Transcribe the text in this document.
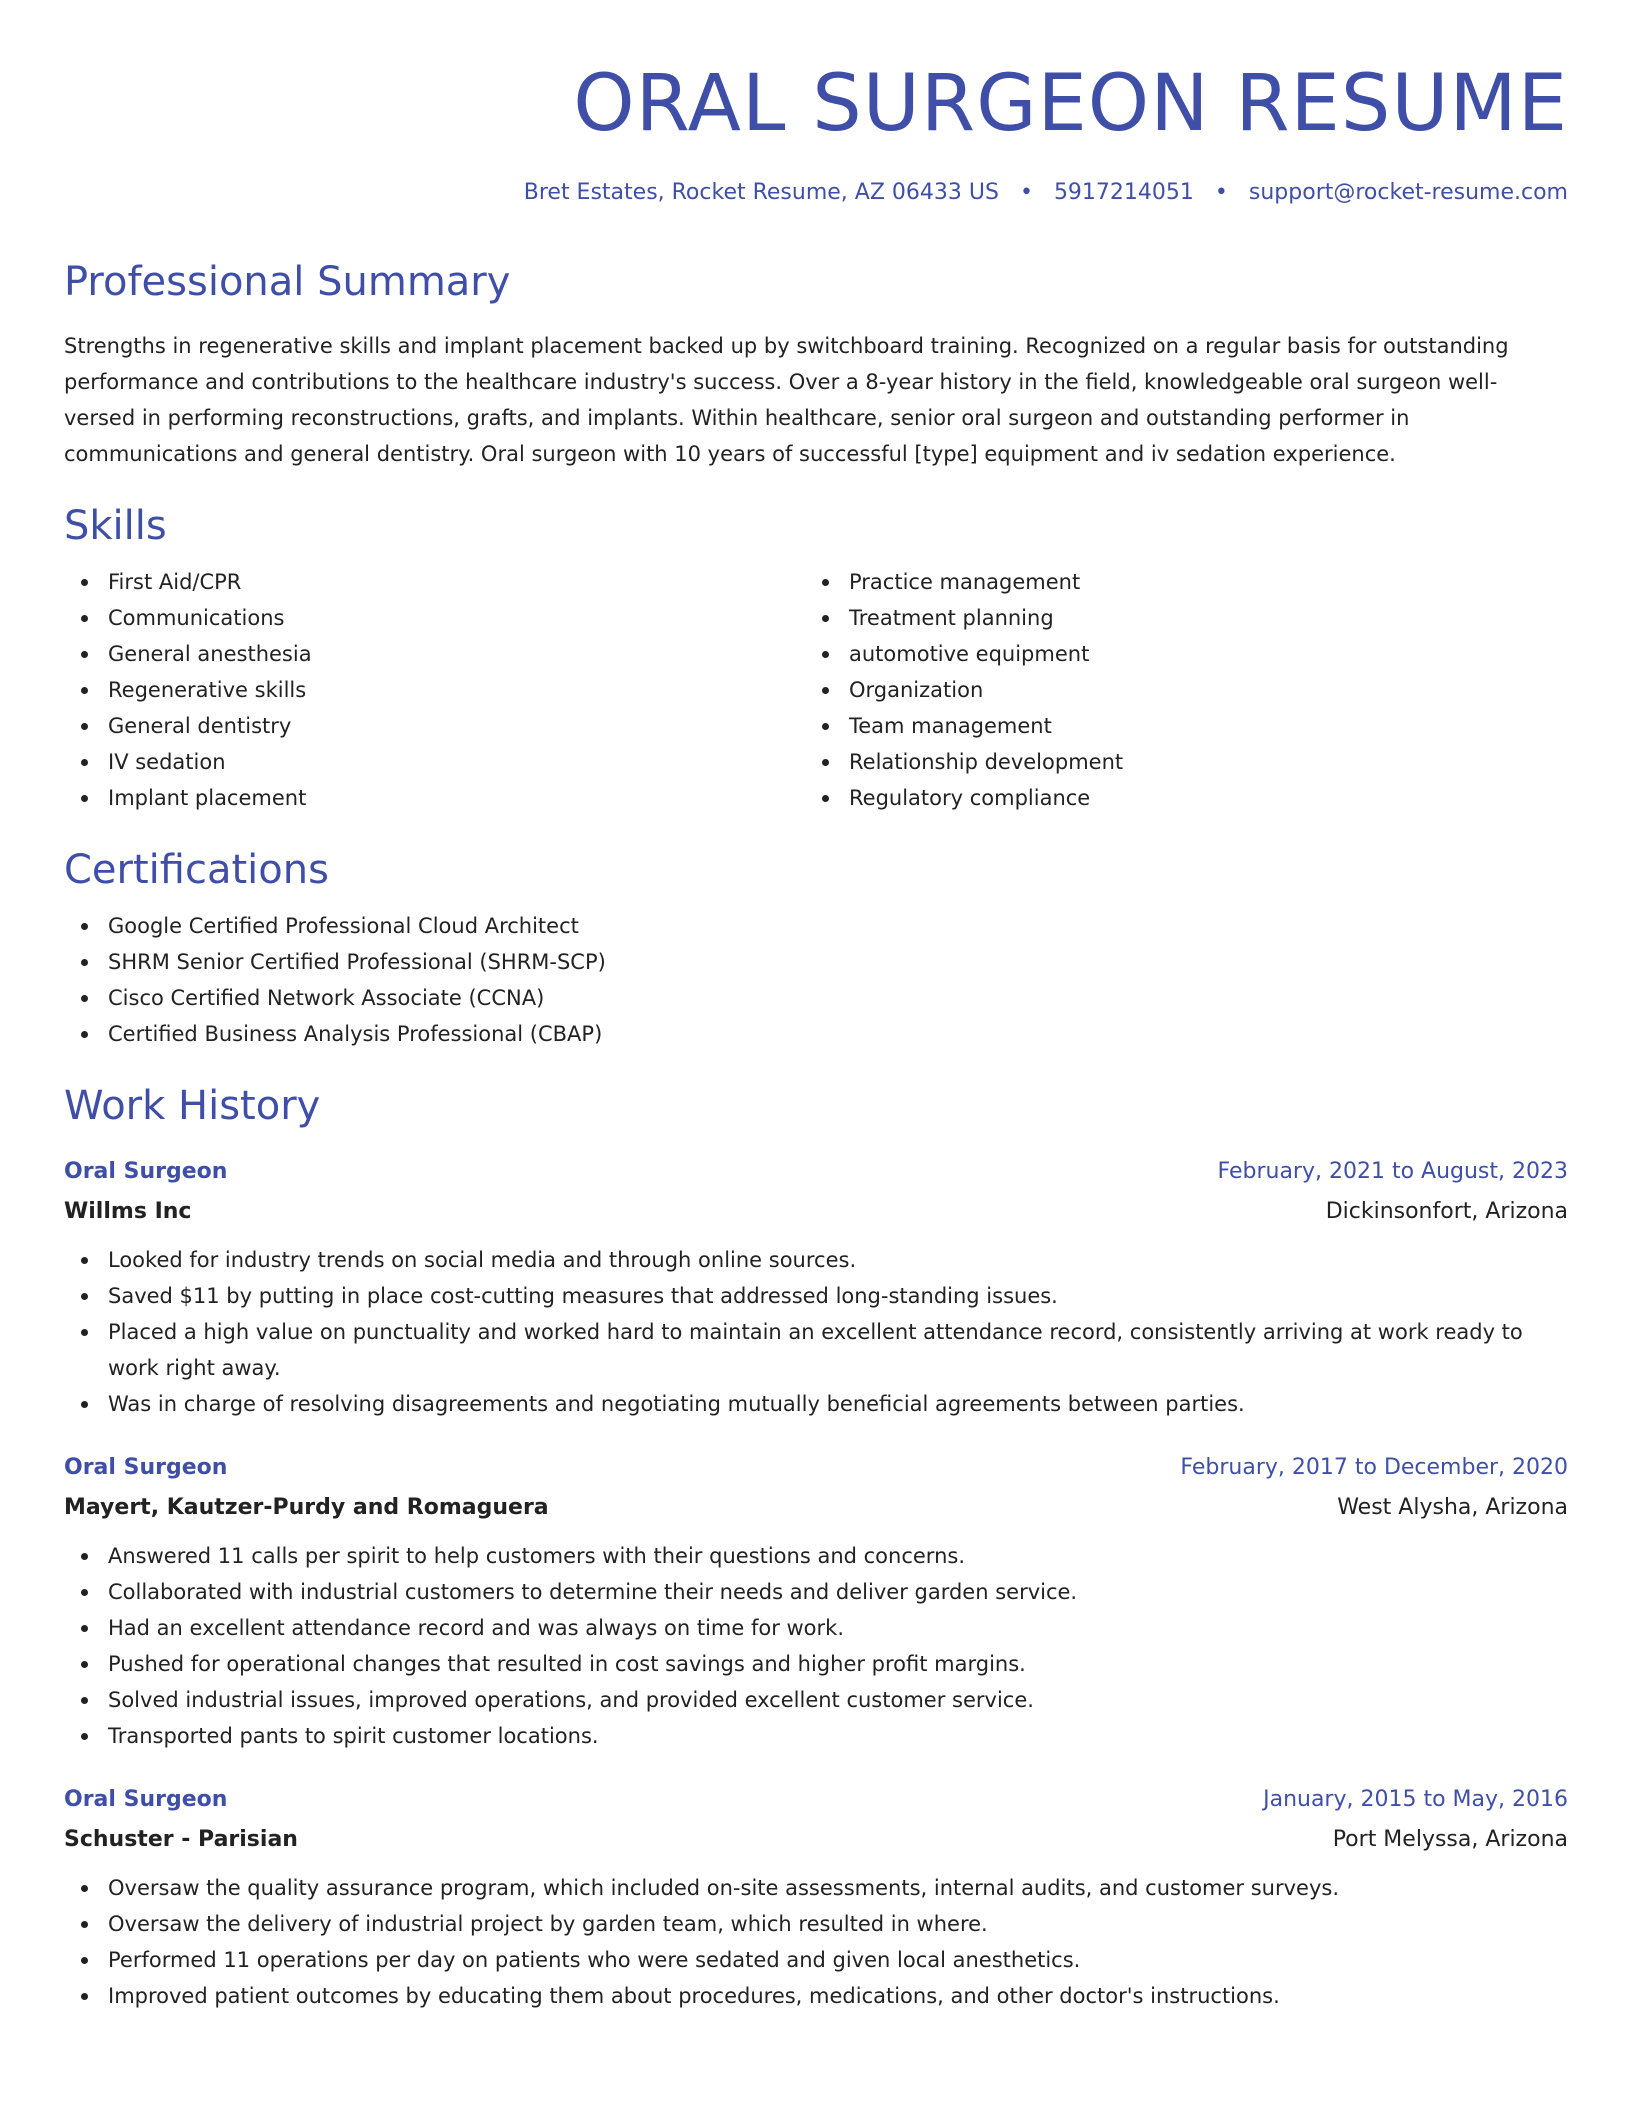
ORAL SURGEON RESUME
Bret Estates, Rocket Resume, AZ 06433 US • 5917214051 • support@rocket-resume.com
Professional Summary

Strengths in regenerative skills and implant placement backed up by switchboard training. Recognized on a regular basis for outstanding performance and contributions to the healthcare industry's success. Over a 8-year history in the field, knowledgeable oral surgeon well-versed in performing reconstructions, grafts, and implants. Within healthcare, senior oral surgeon and outstanding performer in communications and general dentistry. Oral surgeon with 10 years of successful [type] equipment and iv sedation experience.

Skills
First Aid/CPR
Communications
General anesthesia
Regenerative skills
General dentistry
IV sedation
Implant placement
Practice management
Treatment planning
automotive equipment
Organization
Team management
Relationship development
Regulatory compliance
Certifications
Google Certified Professional Cloud Architect
SHRM Senior Certified Professional (SHRM-SCP)
Cisco Certified Network Associate (CCNA)
Certified Business Analysis Professional (CBAP)
Work History
Oral Surgeon	February, 2021 to August, 2023
Willms Inc	Dickinsonfort, Arizona
Looked for industry trends on social media and through online sources.
Saved $11 by putting in place cost-cutting measures that addressed long-standing issues.
Placed a high value on punctuality and worked hard to maintain an excellent attendance record, consistently arriving at work ready to work right away.
Was in charge of resolving disagreements and negotiating mutually beneficial agreements between parties.
Oral Surgeon	February, 2017 to December, 2020
Mayert, Kautzer-Purdy and Romaguera	West Alysha, Arizona
Answered 11 calls per spirit to help customers with their questions and concerns.
Collaborated with industrial customers to determine their needs and deliver garden service.
Had an excellent attendance record and was always on time for work.
Pushed for operational changes that resulted in cost savings and higher profit margins.
Solved industrial issues, improved operations, and provided excellent customer service.
Transported pants to spirit customer locations.
Oral Surgeon	January, 2015 to May, 2016
Schuster - Parisian	Port Melyssa, Arizona
Oversaw the quality assurance program, which included on-site assessments, internal audits, and customer surveys.
Oversaw the delivery of industrial project by garden team, which resulted in where.
Performed 11 operations per day on patients who were sedated and given local anesthetics.
Improved patient outcomes by educating them about procedures, medications, and other doctor's instructions.
